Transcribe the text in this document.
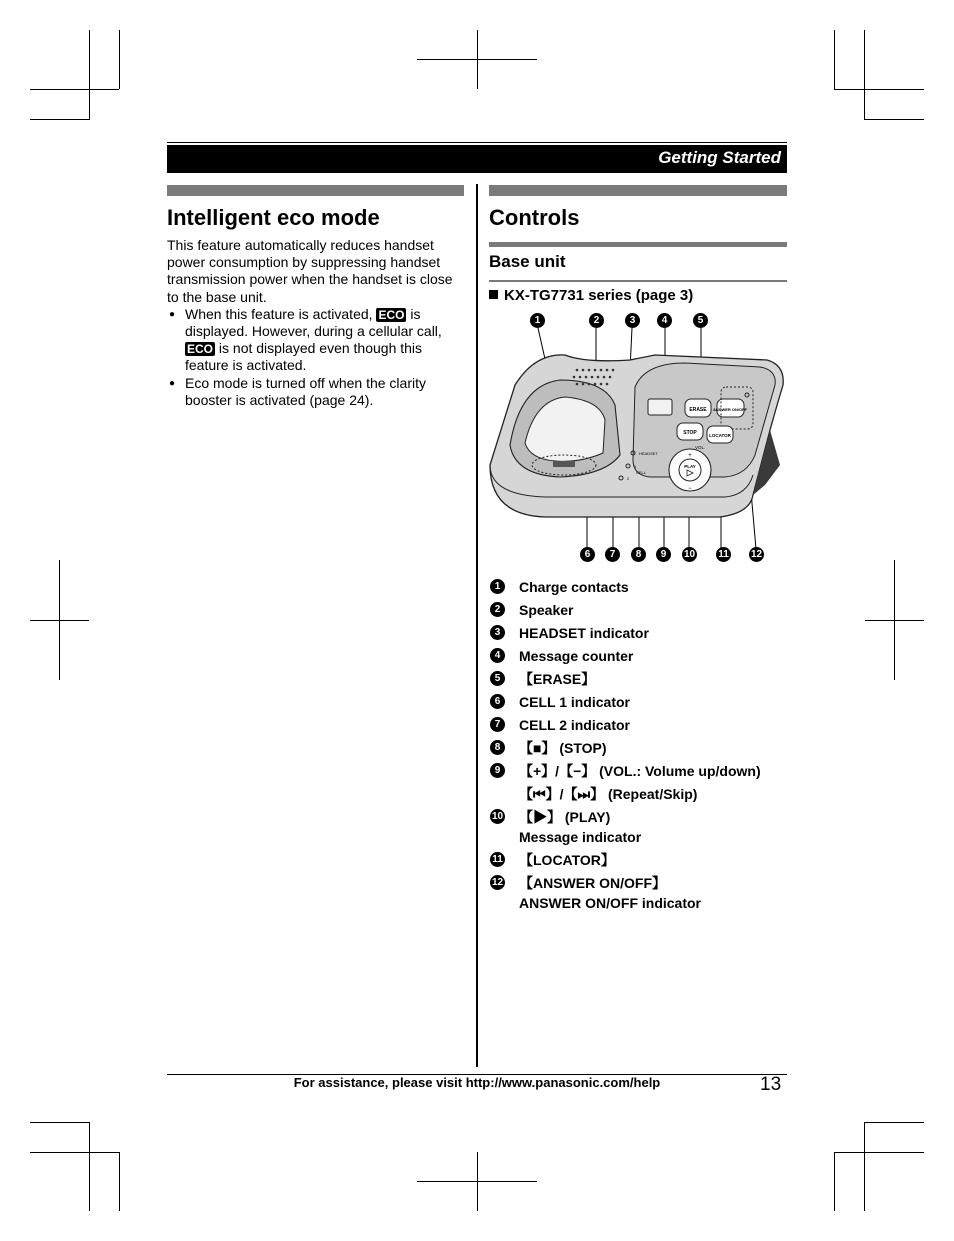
Getting Started
Intelligent eco mode

This feature automatically reduces handset power consumption by suppressing handset transmission power when the handset is close to the base unit.

● When this feature is activated, ECO is displayed. However, during a cellular call, ECO is not displayed even though this feature is activated.

● Eco mode is turned off when the clarity booster is activated (page 24).

Controls
Base unit
KX-TG7731 series (page 3)
1	2	3	4	5
ERASE ANSWER ON/OFF
STOP	LOCATOR
HEADSET
1
CELL
2
VOL.
PLAY
+
−
6	7	8	9	10 11 12
1	Charge contacts
2	Speaker
3	HEADSET indicator
4	Message counter
5	【ERASE】
6	CELL 1 indicator
7	CELL 2 indicator
8	【■】 (STOP)
9	【+】/【−】 (VOL.: Volume up/down)
【⏮】/【⏭】 (Repeat/Skip)
10 【▶】 (PLAY)
Message indicator
11 【LOCATOR】
12 【ANSWER ON/OFF】
ANSWER ON/OFF indicator
For assistance, please visit http://www.panasonic.com/help	13
